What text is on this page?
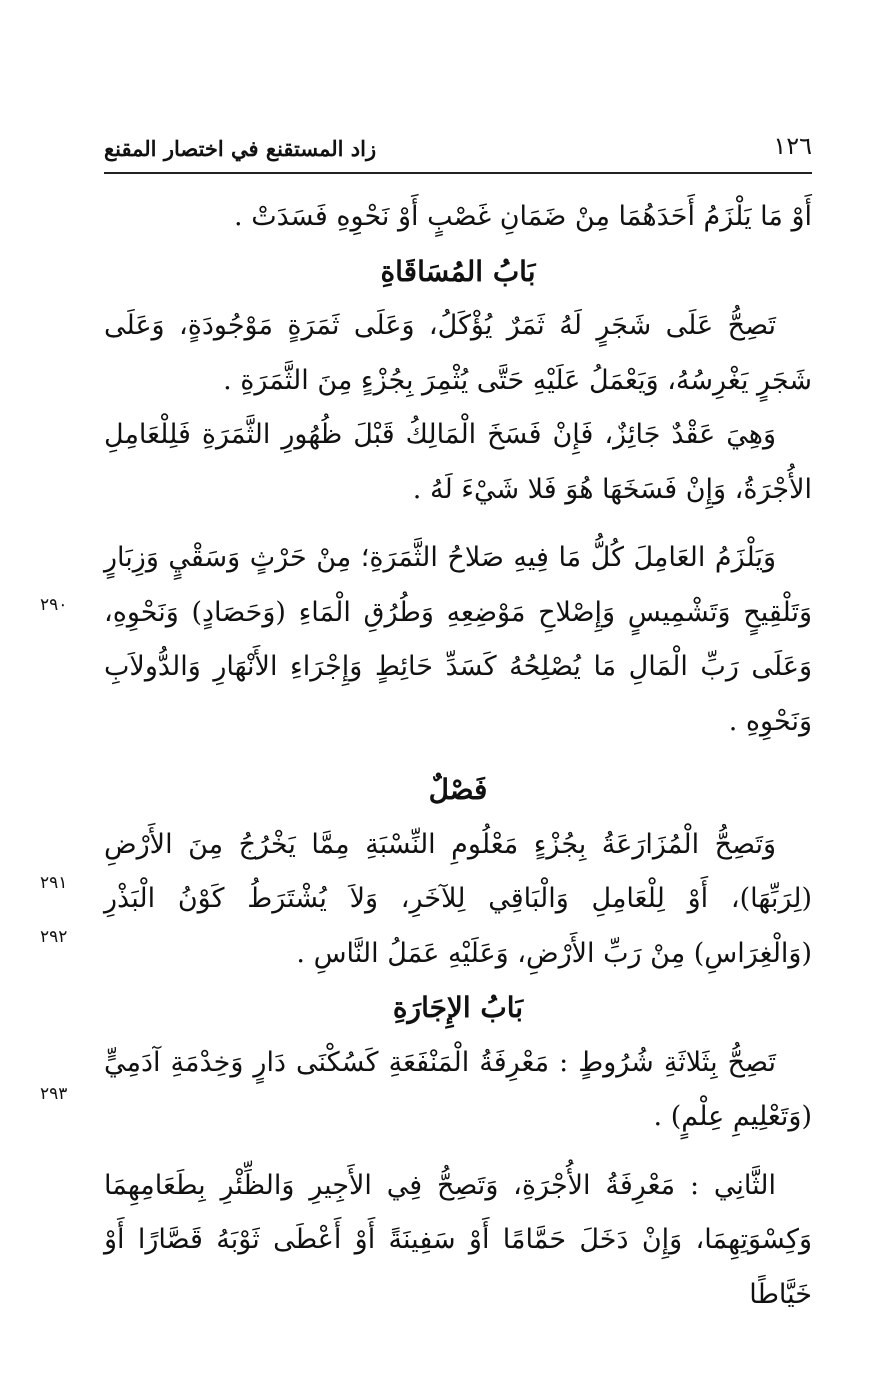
١٢٦
زاد المستقنع في اختصار المقنع

أَوْ مَا يَلْزَمُ أَحَدَهُمَا مِنْ ضَمَانِ غَصْبٍ أَوْ نَحْوِهِ فَسَدَتْ .

بَابُ المُسَاقَاةِ

تَصِحُّ عَلَى شَجَرٍ لَهُ ثَمَرٌ يُؤْكَلُ، وَعَلَى ثَمَرَةٍ مَوْجُودَةٍ، وَعَلَى شَجَرٍ يَغْرِسُهُ، وَيَعْمَلُ عَلَيْهِ حَتَّى يُثْمِرَ بِجُزْءٍ مِنَ الثَّمَرَةِ .

وَهِيَ عَقْدٌ جَائِزٌ، فَإِنْ فَسَخَ الْمَالِكُ قَبْلَ ظُهُورِ الثَّمَرَةِ فَلِلْعَامِلِ الأُجْرَةُ، وَإِنْ فَسَخَهَا هُوَ فَلا شَيْءَ لَهُ .

وَيَلْزَمُ العَامِلَ كُلُّ مَا فِيهِ صَلاحُ الثَّمَرَةِ؛ مِنْ حَرْثٍ وَسَقْيٍ وَزِبَارٍ وَتَلْقِيحٍ وَتَشْمِيسٍ وَإِصْلاحِ مَوْضِعِهِ وَطُرُقِ الْمَاءِ (وَحَصَادٍ) وَنَحْوِهِ، وَعَلَى رَبِّ الْمَالِ مَا يُصْلِحُهُ كَسَدِّ حَائِطٍ وَإِجْرَاءِ الأَنْهَارِ وَالدُّولاَبِ وَنَحْوِهِ .

فَصْلٌ

وَتَصِحُّ الْمُزَارَعَةُ بِجُزْءٍ مَعْلُومِ النِّسْبَةِ مِمَّا يَخْرُجُ مِنَ الأَرْضِ (لِرَبِّهَا)، أَوْ لِلْعَامِلِ وَالْبَاقِي لِلآخَرِ، وَلاَ يُشْتَرَطُ كَوْنُ الْبَذْرِ (وَالْغِرَاسِ) مِنْ رَبِّ الأَرْضِ، وَعَلَيْهِ عَمَلُ النَّاسِ .

بَابُ الإِجَارَةِ

تَصِحُّ بِثَلاثَةِ شُرُوطٍ : مَعْرِفَةُ الْمَنْفَعَةِ كَسُكْنَى دَارٍ وَخِدْمَةِ آدَمِيٍّ (وَتَعْلِيمِ عِلْمٍ) .

الثَّانِي : مَعْرِفَةُ الأُجْرَةِ، وَتَصِحُّ فِي الأَجِيرِ وَالظِّئْرِ بِطَعَامِهِمَا وَكِسْوَتِهِمَا، وَإِنْ دَخَلَ حَمَّامًا أَوْ سَفِينَةً أَوْ أَعْطَى ثَوْبَهُ قَصَّارًا أَوْ خَيَّاطًا

٢٩٠
٢٩١
٢٩٢
٢٩٣
